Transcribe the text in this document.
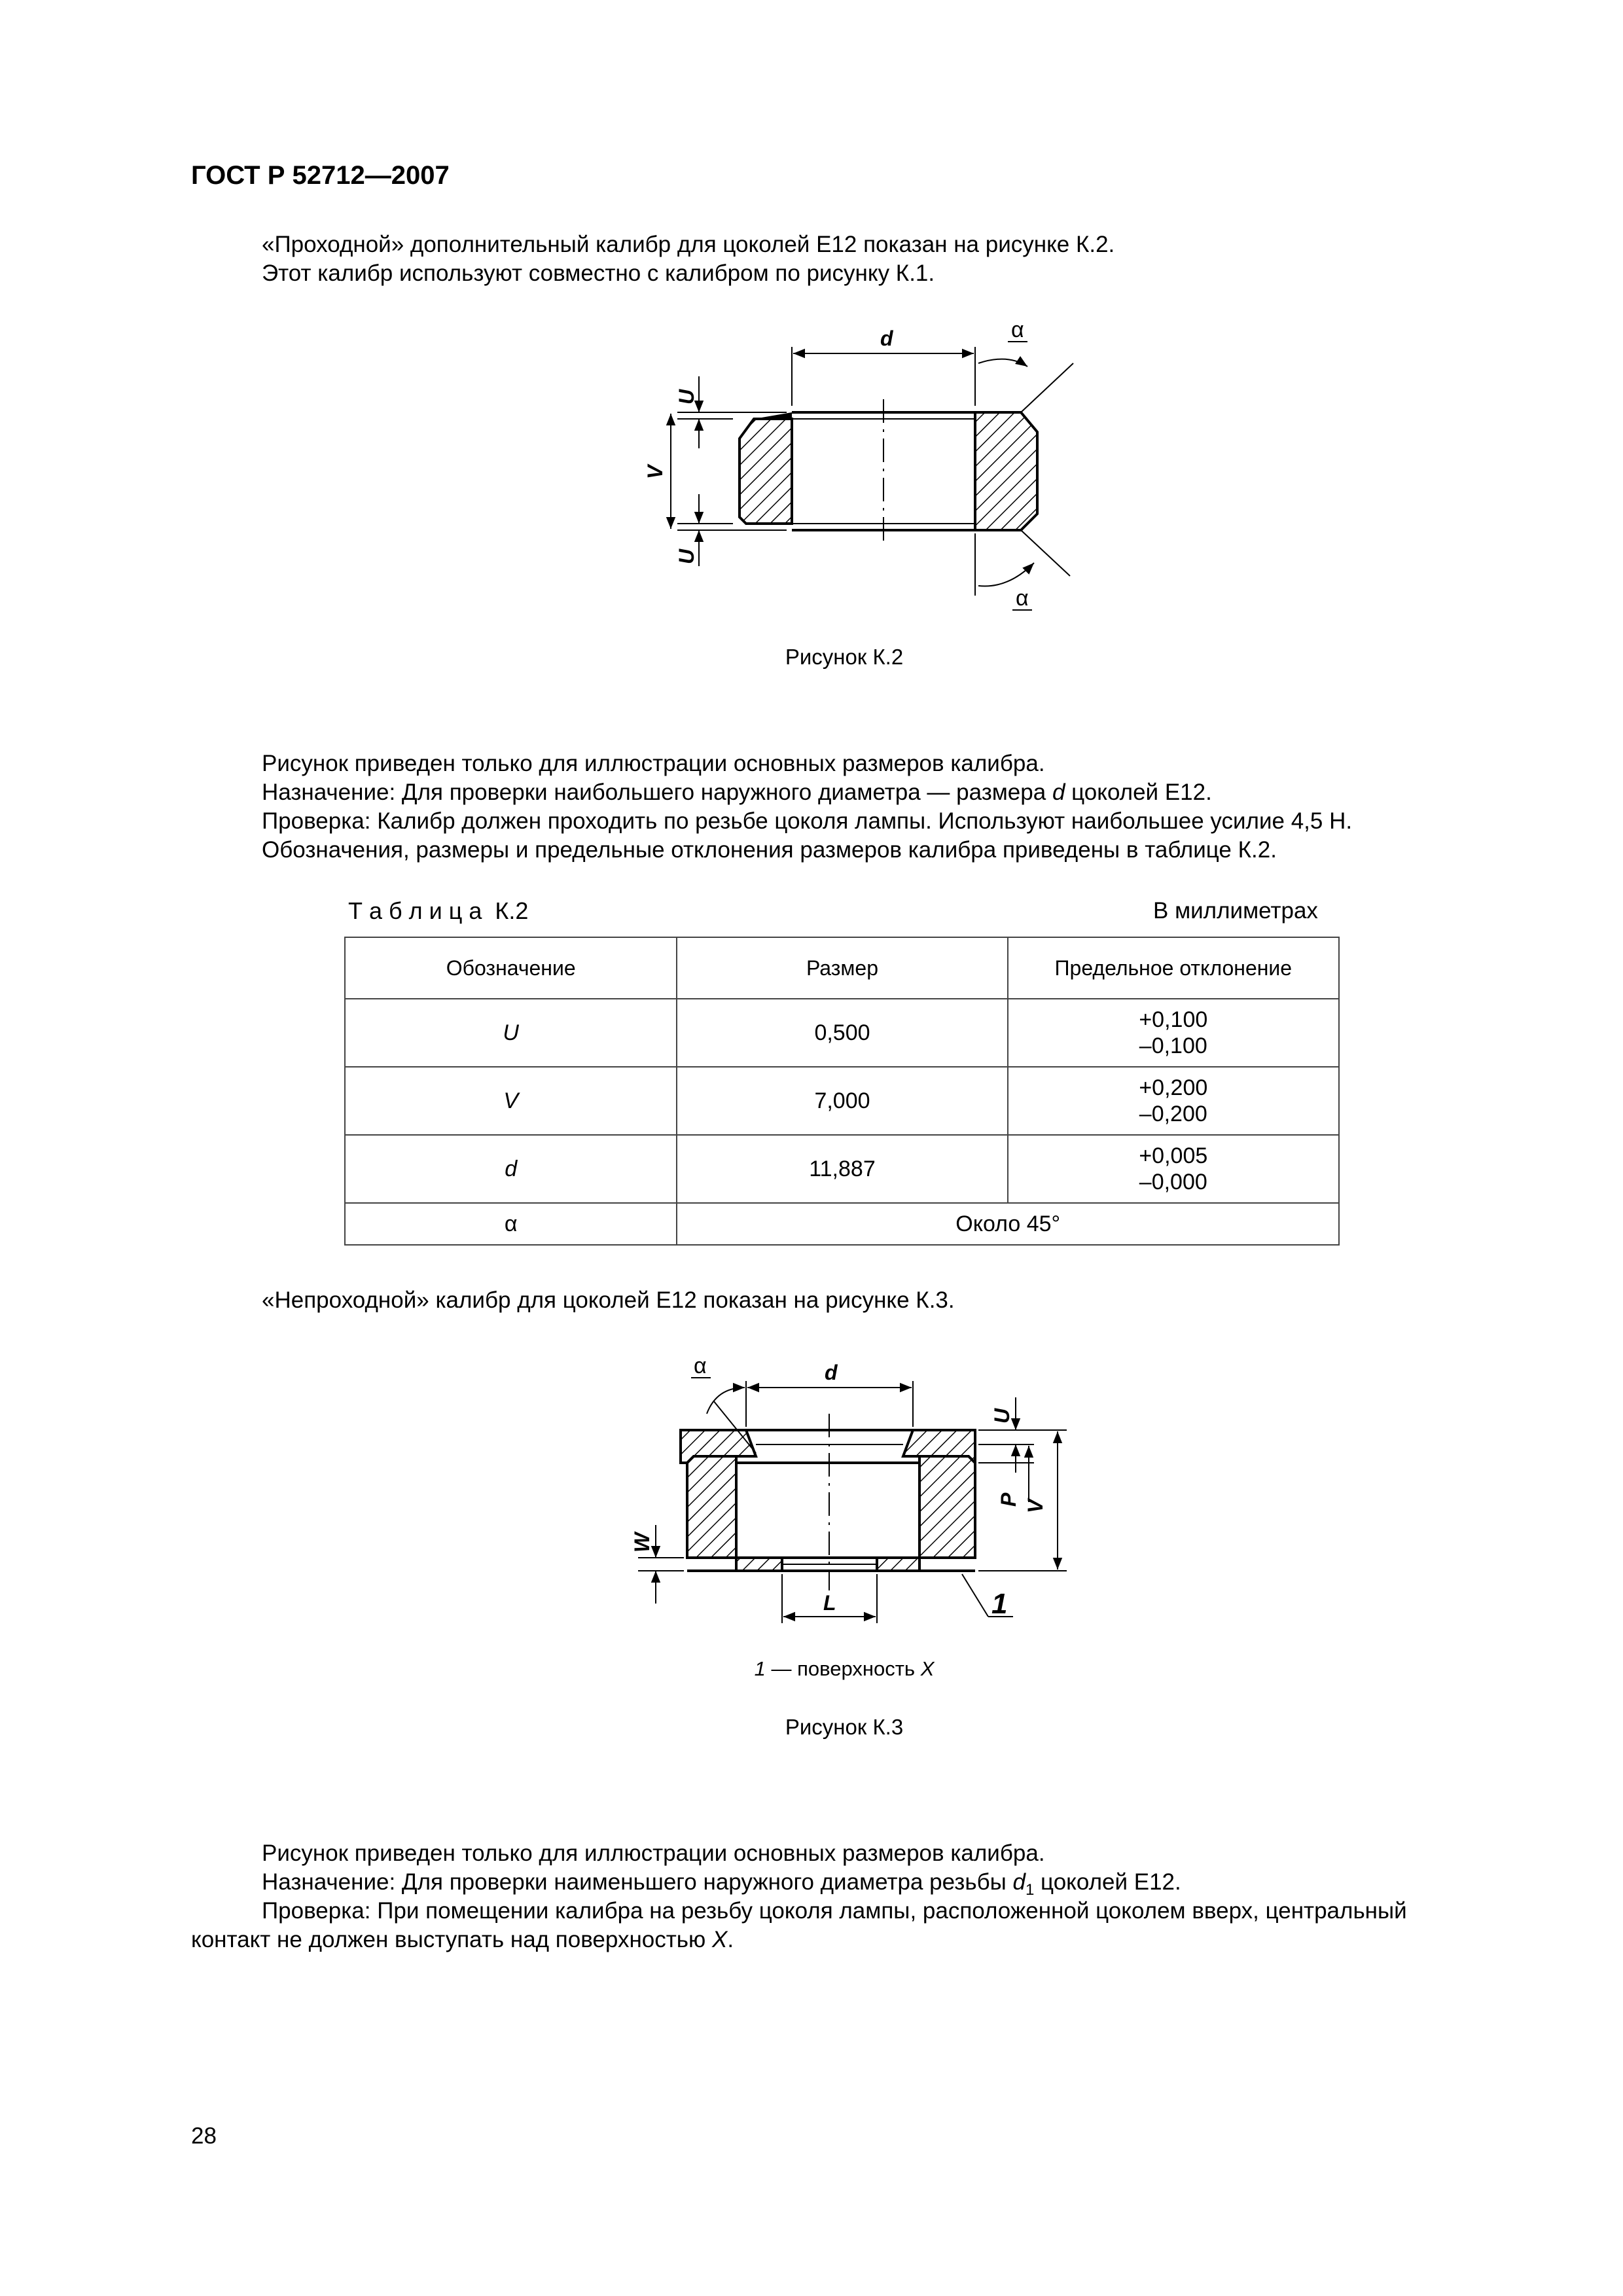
ГОСТ Р 52712—2007
«Проходной» дополнительный калибр для цоколей Е12 показан на рисунке К.2.
Этот калибр используют совместно с калибром по рисунку К.1.
d	α
α
U
V
U
Рисунок К.2
Рисунок приведен только для иллюстрации основных размеров калибра.
Назначение: Для проверки наибольшего наружного диаметра — размера d цоколей Е12.
Проверка: Калибр должен проходить по резьбе цоколя лампы. Используют наибольшее усилие 4,5 Н.
Обозначения, размеры и предельные отклонения размеров калибра приведены в таблице К.2.
Т а б л и ц а  К.2	В миллиметрах
Обозначение	Размер	Предельное отклонение
U	0,500	+0,100
–0,100

V	7,000	+0,200
–0,200

d	11,887	+0,005
–0,000

α	Около 45°	
«Непроходной» калибр для цоколей Е12 показан на рисунке К.3.
d
α
U
P V
W
L	1
1 — поверхность X
Рисунок К.3
Рисунок приведен только для иллюстрации основных размеров калибра.
Назначение: Для проверки наименьшего наружного диаметра резьбы $d_1$ цоколей Е12.
Проверка: При помещении калибра на резьбу цоколя лампы, расположенной цоколем вверх, центральный
контакт не должен выступать над поверхностью X.
28
